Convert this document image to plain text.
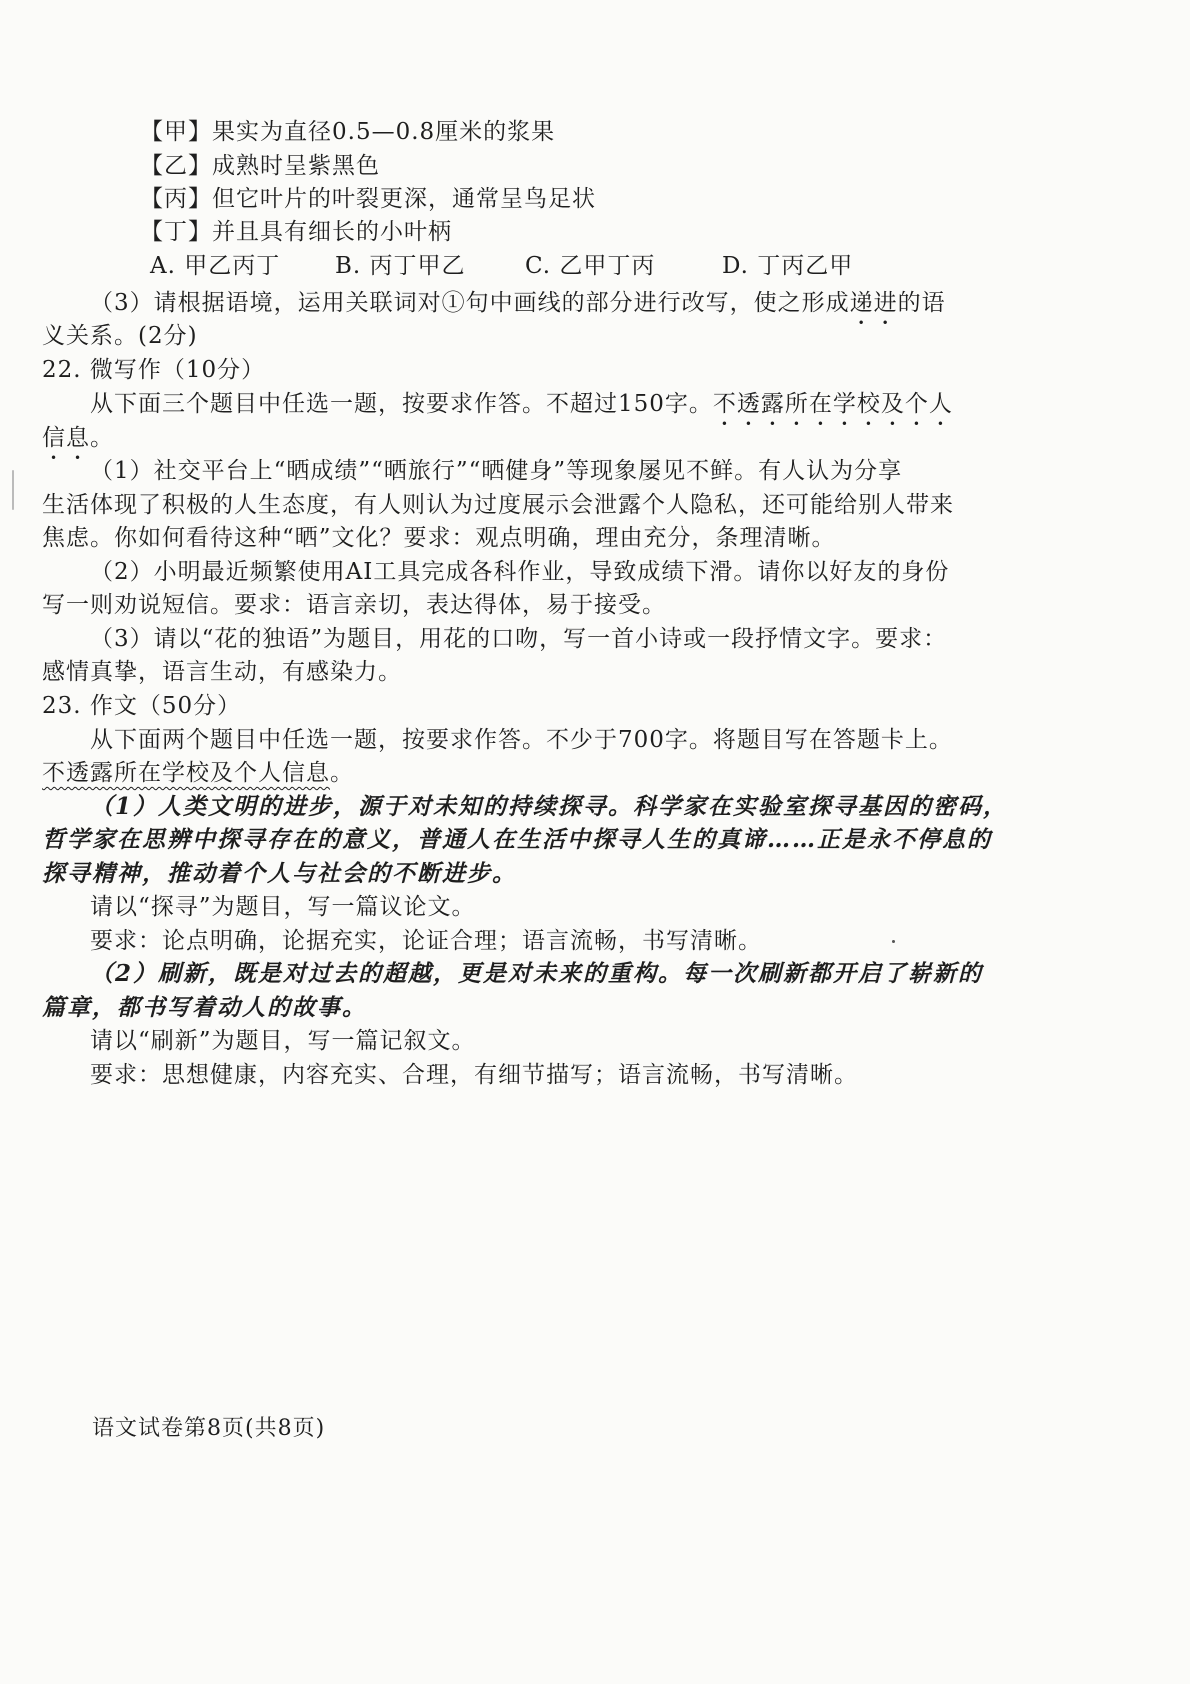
【甲】果实为直径0.5—0.8厘米的浆果
【乙】成熟时呈紫黑色
【丙】但它叶片的叶裂更深，通常呈鸟足状
【丁】并且具有细长的小叶柄
A. 甲乙丙丁 B. 丙丁甲乙	C. 乙甲丁丙	D. 丁丙乙甲
（3）请根据语境，运用关联词对①句中画线的部分进行改写，使之形成递进的语
义关系。(2分)
22. 微写作（10分）
从下面三个题目中任选一题，按要求作答。不超过150字。不透露所在学校及个人
信息。
（1）社交平台上“晒成绩”“晒旅行”“晒健身”等现象屡见不鲜。有人认为分享
生活体现了积极的人生态度，有人则认为过度展示会泄露个人隐私，还可能给别人带来
焦虑。你如何看待这种“晒”文化？要求：观点明确，理由充分，条理清晰。
（2）小明最近频繁使用AI工具完成各科作业，导致成绩下滑。请你以好友的身份
写一则劝说短信。要求：语言亲切，表达得体，易于接受。
（3）请以“花的独语”为题目，用花的口吻，写一首小诗或一段抒情文字。要求：
感情真挚，语言生动，有感染力。
23. 作文（50分）
从下面两个题目中任选一题，按要求作答。不少于700字。将题目写在答题卡上。
不透露所在学校及个人信息。
（1）人类文明的进步，源于对未知的持续探寻。科学家在实验室探寻基因的密码，
哲学家在思辨中探寻存在的意义，普通人在生活中探寻人生的真谛……正是永不停息的
探寻精神，推动着个人与社会的不断进步。
请以“探寻”为题目，写一篇议论文。
要求：论点明确，论据充实，论证合理；语言流畅，书写清晰。
（2）刷新，既是对过去的超越，更是对未来的重构。每一次刷新都开启了崭新的
篇章，都书写着动人的故事。
请以“刷新”为题目，写一篇记叙文。
要求：思想健康，内容充实、合理，有细节描写；语言流畅，书写清晰。
语文试卷第8页(共8页)
